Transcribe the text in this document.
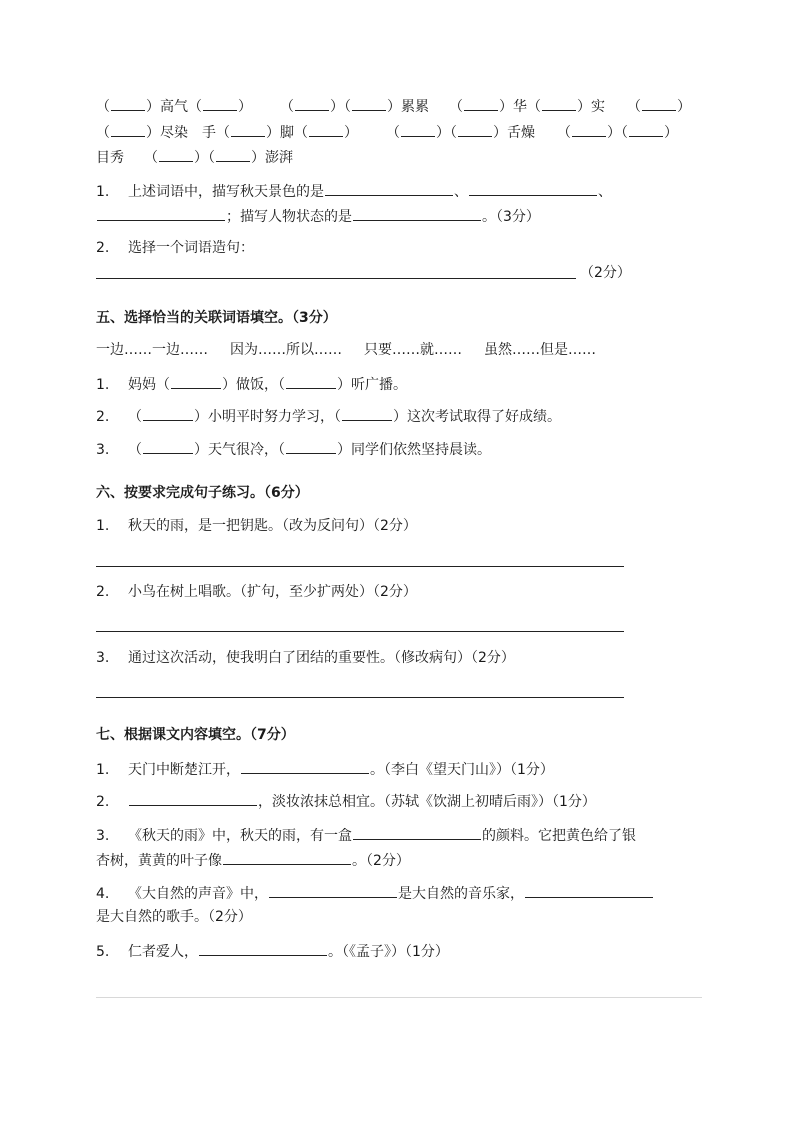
（	）高气（	） （	）（	）累累 （	）华（	）实 （	）
（	）尽染 手（	）脚（	） （	）（	）舌燥 （	）（	）
目秀 （	）（	）澎湃
1. 上述词语中，描写秋天景色的是	、	、
；描写人物状态的是	。（3分）
2. 选择一个词语造句：
（2分）
五、选择恰当的关联词语填空。（3分）
一边……一边…… 因为……所以…… 只要……就…… 虽然……但是……
1. 妈妈（	）做饭，（	）听广播。
2. （	）小明平时努力学习，（	）这次考试取得了好成绩。
3. （	）天气很冷，（	）同学们依然坚持晨读。
六、按要求完成句子练习。（6分）
1. 秋天的雨，是一把钥匙。（改为反问句）（2分）
2. 小鸟在树上唱歌。（扩句，至少扩两处）（2分）
3. 通过这次活动，使我明白了团结的重要性。（修改病句）（2分）
七、根据课文内容填空。（7分）
1. 天门中断楚江开，	。（李白《望天门山》）（1分）
2.	，淡妆浓抹总相宜。（苏轼《饮湖上初晴后雨》）（1分）
3. 《秋天的雨》中，秋天的雨，有一盒	的颜料。它把黄色给了银
杏树，黄黄的叶子像	。（2分）
4. 《大自然的声音》中，	是大自然的音乐家，
是大自然的歌手。（2分）
5. 仁者爱人，	。（《孟子》）（1分）
